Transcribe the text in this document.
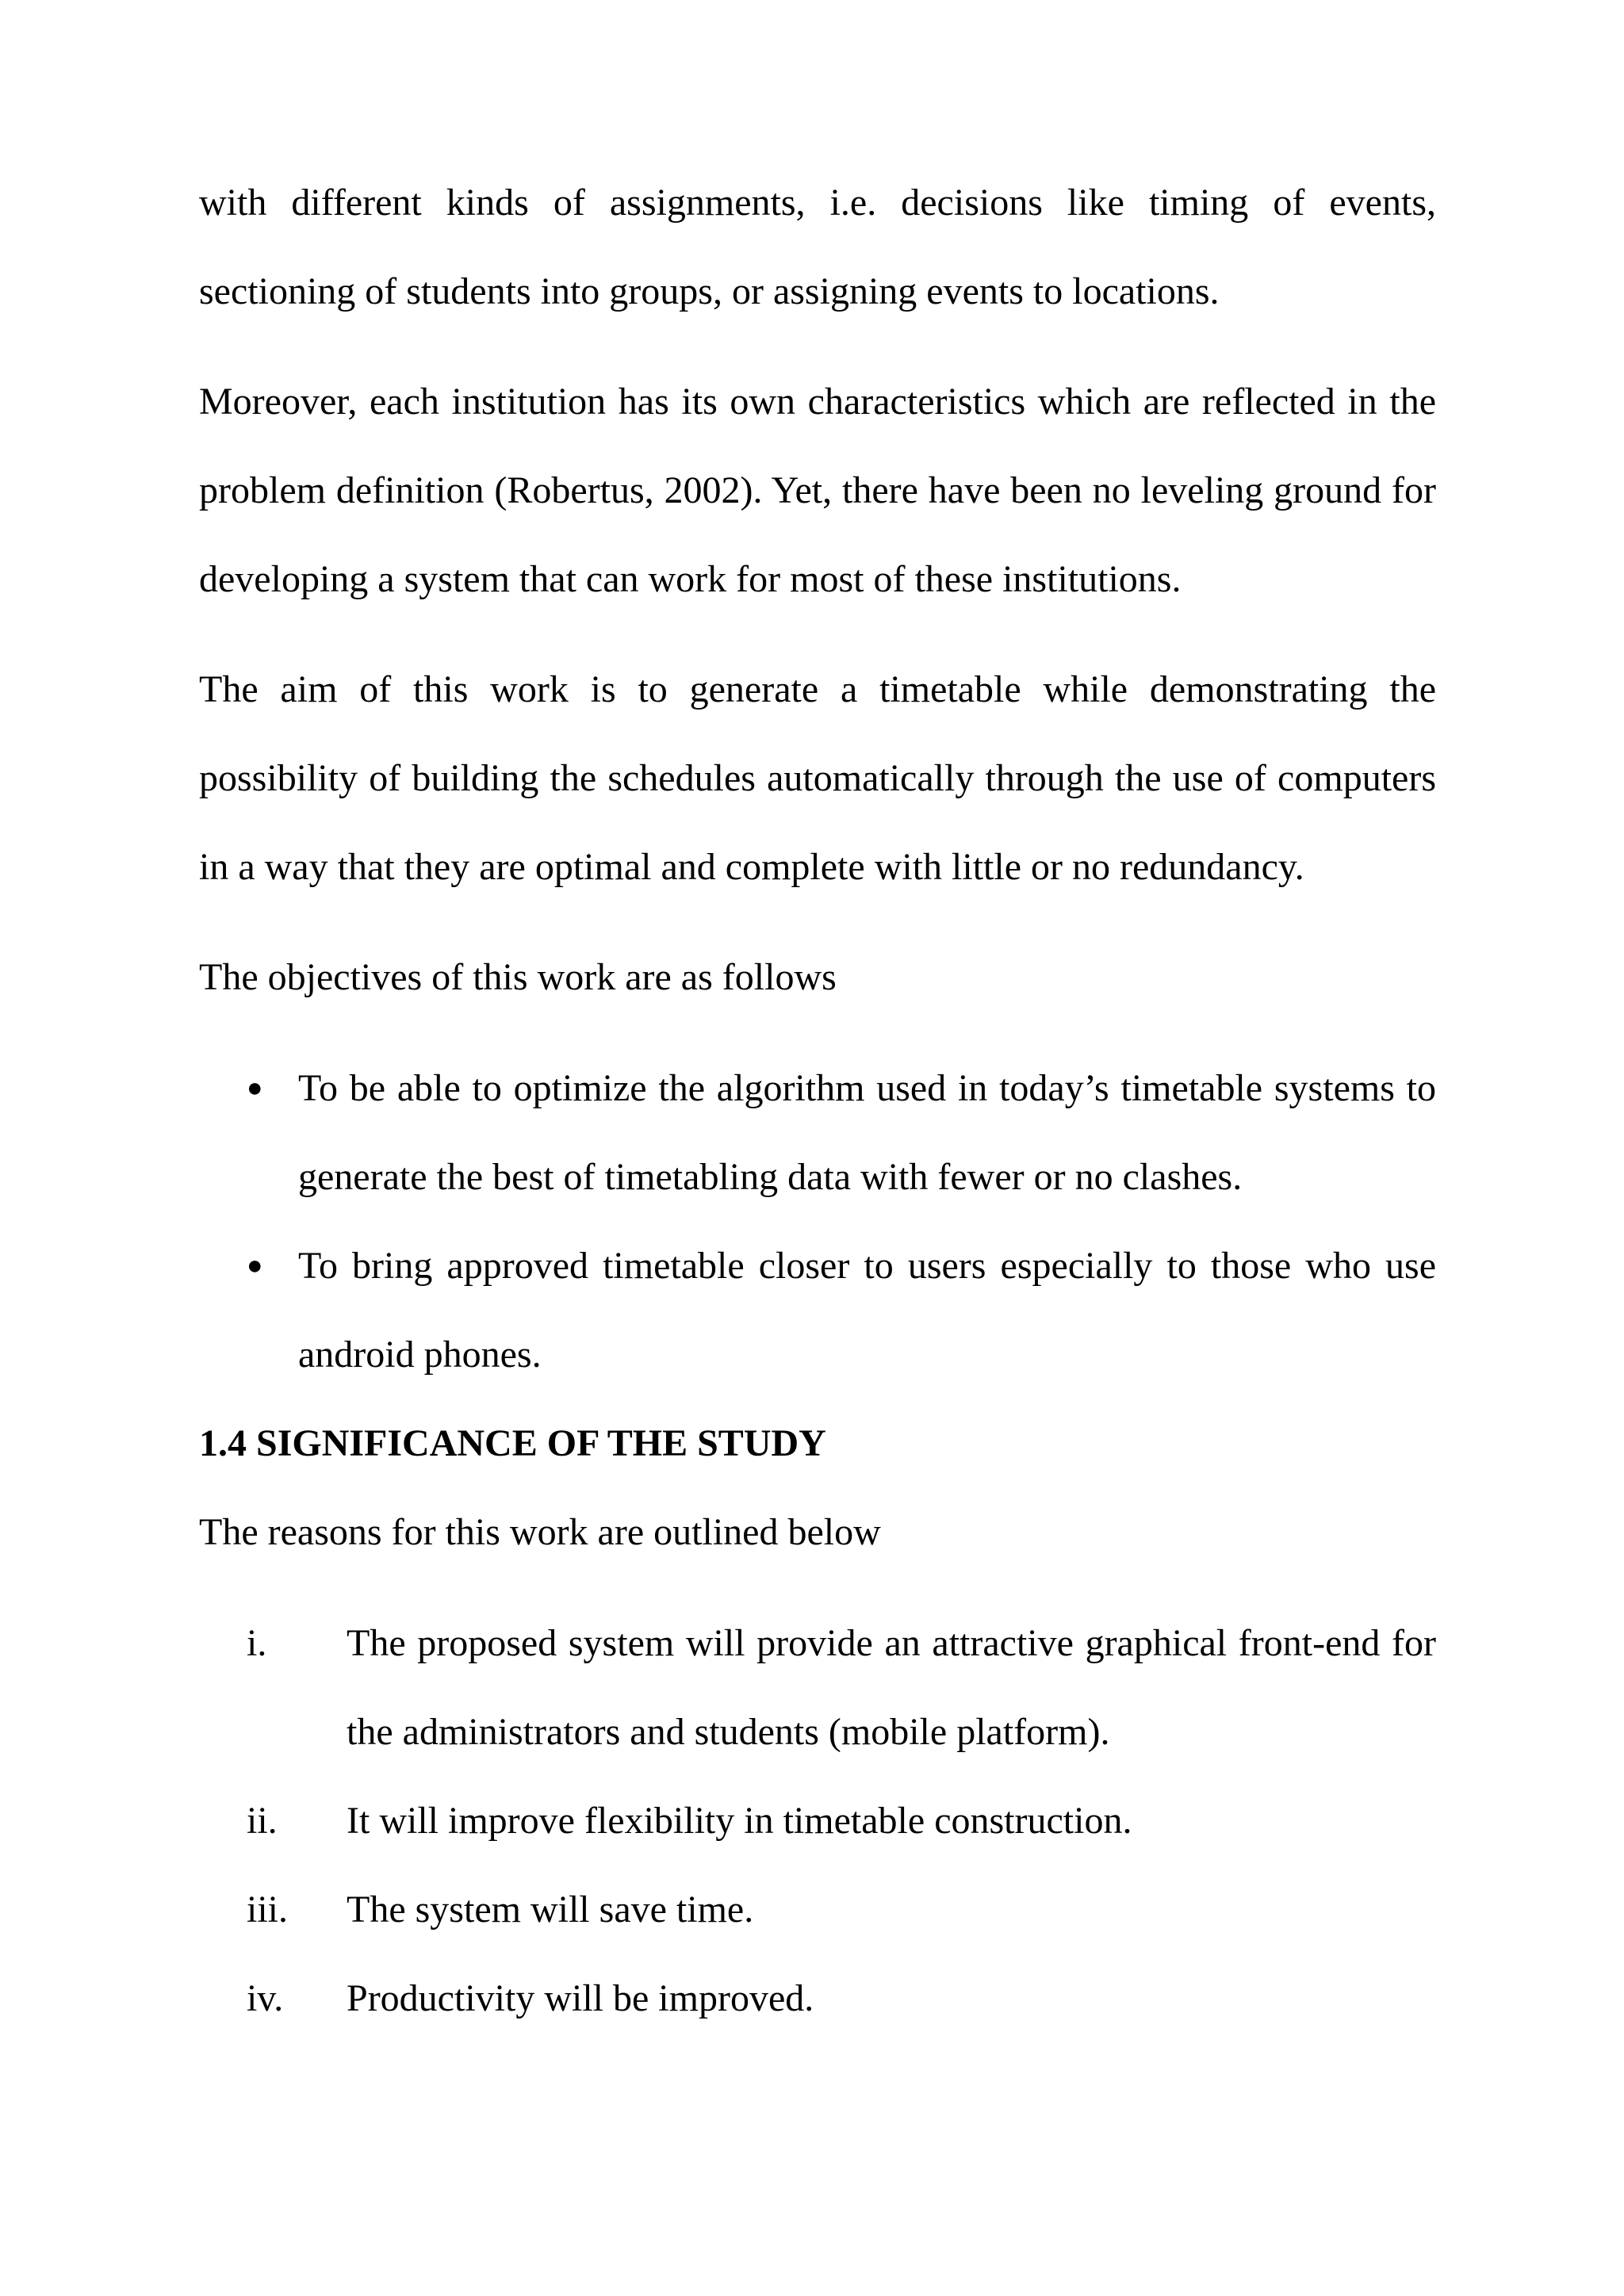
with different kinds of assignments, i.e. decisions like timing of events, sectioning of students into groups, or assigning events to locations.

Moreover, each institution has its own characteristics which are reflected in the problem definition (Robertus, 2002). Yet, there have been no leveling ground for developing a system that can work for most of these institutions.

The aim of this work is to generate a timetable while demonstrating the possibility of building the schedules automatically through the use of computers in a way that they are optimal and complete with little or no redundancy.

The objectives of this work are as follows

● To be able to optimize the algorithm used in today’s timetable systems to generate the best of timetabling data with fewer or no clashes.
● To bring approved timetable closer to users especially to those who use android phones.

1.4 SIGNIFICANCE OF THE STUDY

The reasons for this work are outlined below

i. The proposed system will provide an attractive graphical front-end for the administrators and students (mobile platform).
ii. It will improve flexibility in timetable construction.
iii. The system will save time.
iv. Productivity will be improved.
